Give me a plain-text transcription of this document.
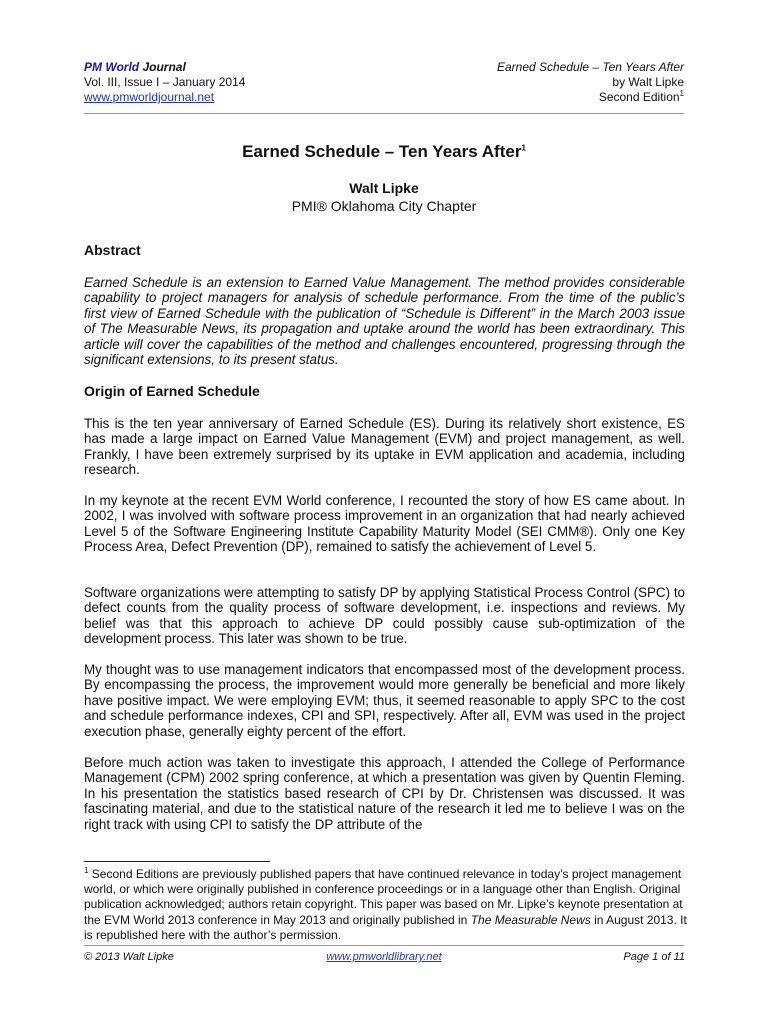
PM World Journal
Vol. III, Issue I – January 2014
www.pmworldjournal.net
Earned Schedule – Ten Years After
by Walt Lipke
Second Edition$^1$
Earned Schedule – Ten Years After$^1$
Walt Lipke
PMI® Oklahoma City Chapter
Abstract

Earned Schedule is an extension to Earned Value Management. The method provides considerable capability to project managers for analysis of schedule performance. From the time of the public’s first view of Earned Schedule with the publication of “Schedule is Different” in the March 2003 issue of The Measurable News, its propagation and uptake around the world has been extraordinary. This article will cover the capabilities of the method and challenges encountered, progressing through the significant extensions, to its present status.

Origin of Earned Schedule

This is the ten year anniversary of Earned Schedule (ES). During its relatively short existence, ES has made a large impact on Earned Value Management (EVM) and project management, as well. Frankly, I have been extremely surprised by its uptake in EVM application and academia, including research.

In my keynote at the recent EVM World conference, I recounted the story of how ES came about. In 2002, I was involved with software process improvement in an organization that had nearly achieved Level 5 of the Software Engineering Institute Capability Maturity Model (SEI CMM®). Only one Key Process Area, Defect Prevention (DP), remained to satisfy the achievement of Level 5.

Software organizations were attempting to satisfy DP by applying Statistical Process Control (SPC) to defect counts from the quality process of software development, i.e. inspections and reviews. My belief was that this approach to achieve DP could possibly cause sub-optimization of the development process. This later was shown to be true.

My thought was to use management indicators that encompassed most of the development process. By encompassing the process, the improvement would more generally be beneficial and more likely have positive impact. We were employing EVM; thus, it seemed reasonable to apply SPC to the cost and schedule performance indexes, CPI and SPI, respectively. After all, EVM was used in the project execution phase, generally eighty percent of the effort.

Before much action was taken to investigate this approach, I attended the College of Performance Management (CPM) 2002 spring conference, at which a presentation was given by Quentin Fleming. In his presentation the statistics based research of CPI by Dr. Christensen was discussed. It was fascinating material, and due to the statistical nature of the research it led me to believe I was on the right track with using CPI to satisfy the DP attribute of the

$^1$ Second Editions are previously published papers that have continued relevance in today’s project management world, or which were originally published in conference proceedings or in a language other than English. Original publication acknowledged; authors retain copyright. This paper was based on Mr. Lipke’s keynote presentation at the EVM World 2013 conference in May 2013 and originally published in The Measurable News in August 2013. It is republished here with the author’s permission.

© 2013 Walt Lipke	www.pmworldlibrary.net	Page 1 of 11
